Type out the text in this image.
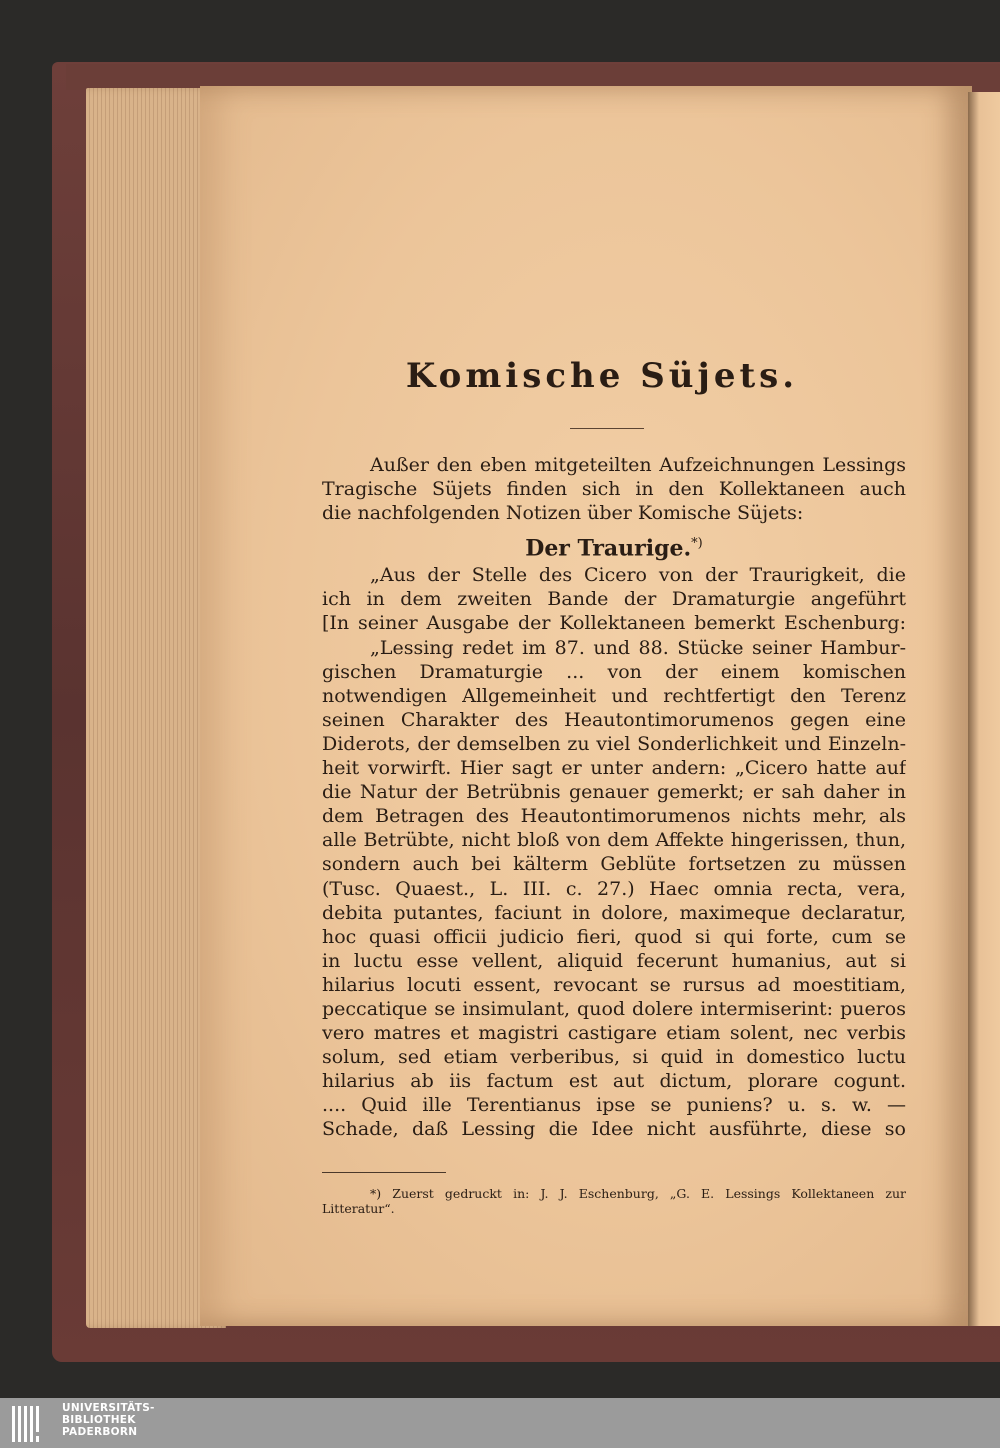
Komische Süjets.
Außer den eben mitgeteilten Aufzeichnungen Lessings
Tragische Süjets finden sich in den Kollektaneen auch
die nachfolgenden Notizen über Komische Süjets:
Der Traurige.*)
„Aus der Stelle des Cicero von der Traurigkeit, die
ich in dem zweiten Bande der Dramaturgie angeführt
[In seiner Ausgabe der Kollektaneen bemerkt Eschenburg:
„Lessing redet im 87. und 88. Stücke seiner Hambur-
gischen Dramaturgie ... von der einem komischen
notwendigen Allgemeinheit und rechtfertigt den Terenz
seinen Charakter des Heautontimorumenos gegen eine
Diderots, der demselben zu viel Sonderlichkeit und Einzeln-
heit vorwirft. Hier sagt er unter andern: „Cicero hatte auf
die Natur der Betrübnis genauer gemerkt; er sah daher in
dem Betragen des Heautontimorumenos nichts mehr, als
alle Betrübte, nicht bloß von dem Affekte hingerissen, thun,
sondern auch bei kälterm Geblüte fortsetzen zu müssen
(Tusc. Quaest., L. III. c. 27.) Haec omnia recta, vera,
debita putantes, faciunt in dolore, maximeque declaratur,
hoc quasi officii judicio fieri, quod si qui forte, cum se
in luctu esse vellent, aliquid fecerunt humanius, aut si
hilarius locuti essent, revocant se rursus ad moestitiam,
peccatique se insimulant, quod dolere intermiserint: pueros
vero matres et magistri castigare etiam solent, nec verbis
solum, sed etiam verberibus, si quid in domestico luctu
hilarius ab iis factum est aut dictum, plorare cogunt.
.... Quid ille Terentianus ipse se puniens? u. s. w. —
Schade, daß Lessing die Idee nicht ausführte, diese so
*) Zuerst gedruckt in: J. J. Eschenburg, „G. E. Lessings Kollektaneen zur
Litteratur“.
UNIVERSITÄTS-
BIBLIOTHEK
PADERBORN
